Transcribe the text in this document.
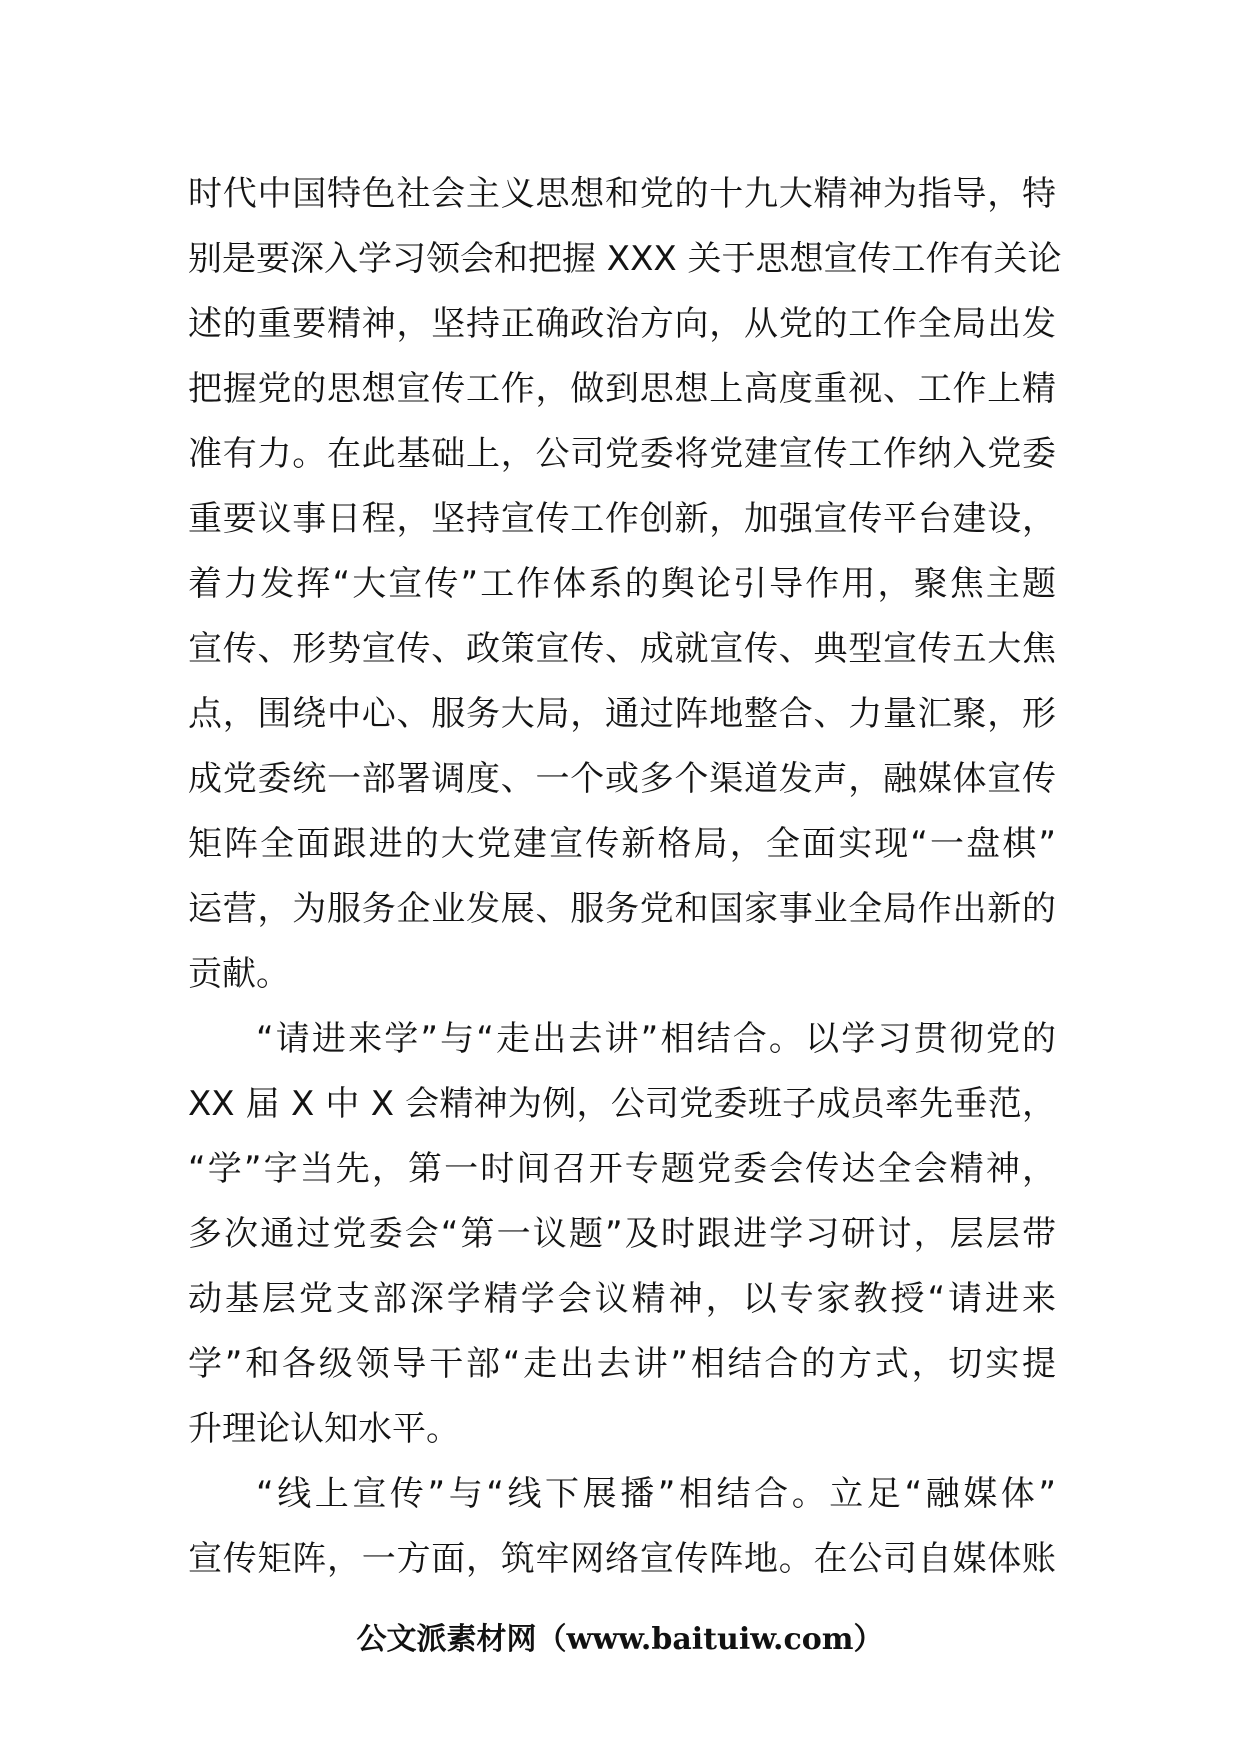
时代中国特色社会主义思想和党的十九大精神为指导，特
别是要深入学习领会和把握 XXX 关于思想宣传工作有关论
述的重要精神，坚持正确政治方向，从党的工作全局出发
把握党的思想宣传工作，做到思想上高度重视、工作上精
准有力。在此基础上，公司党委将党建宣传工作纳入党委
重要议事日程，坚持宣传工作创新，加强宣传平台建设，
着力发挥“大宣传”工作体系的舆论引导作用，聚焦主题
宣传、形势宣传、政策宣传、成就宣传、典型宣传五大焦
点，围绕中心、服务大局，通过阵地整合、力量汇聚，形
成党委统一部署调度、一个或多个渠道发声，融媒体宣传
矩阵全面跟进的大党建宣传新格局，全面实现“一盘棋”
运营，为服务企业发展、服务党和国家事业全局作出新的
贡献。
“请进来学”与“走出去讲”相结合。以学习贯彻党的
XX 届 X 中 X 会精神为例，公司党委班子成员率先垂范，
“学”字当先，第一时间召开专题党委会传达全会精神，
多次通过党委会“第一议题”及时跟进学习研讨，层层带
动基层党支部深学精学会议精神，以专家教授“请进来
学”和各级领导干部“走出去讲”相结合的方式，切实提
升理论认知水平。
“线上宣传”与“线下展播”相结合。立足“融媒体”
宣传矩阵，一方面，筑牢网络宣传阵地。在公司自媒体账
公文派素材网（www.baituiw.com）
